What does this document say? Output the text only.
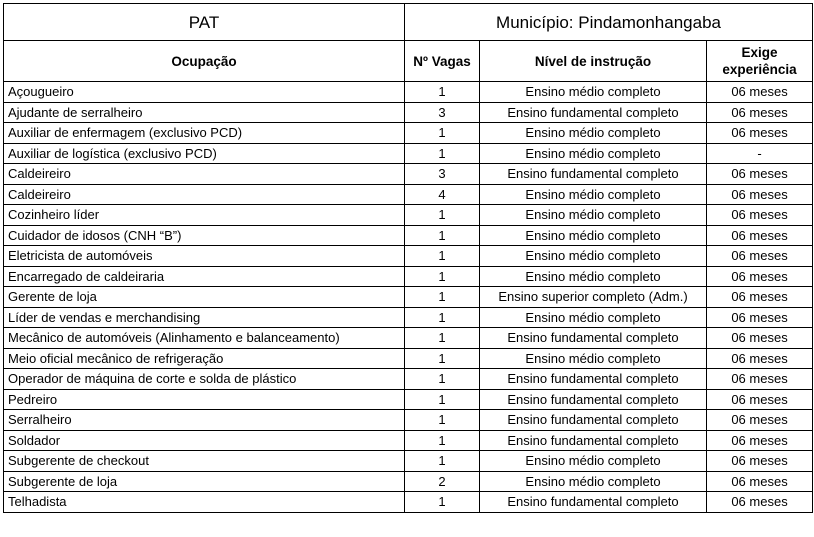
PAT	Município: Pindamonhangaba		
Ocupação	Nº Vagas	Nível de instrução	Exige experiência
Açougueiro	1	Ensino médio completo	06 meses
Ajudante de serralheiro	3	Ensino fundamental completo	06 meses
Auxiliar de enfermagem (exclusivo PCD)	1	Ensino médio completo	06 meses
Auxiliar de logística (exclusivo PCD)	1	Ensino médio completo	-
Caldeireiro	3	Ensino fundamental completo	06 meses
Caldeireiro	4	Ensino médio completo	06 meses
Cozinheiro líder	1	Ensino médio completo	06 meses
Cuidador de idosos (CNH “B”)	1	Ensino médio completo	06 meses
Eletricista de automóveis	1	Ensino médio completo	06 meses
Encarregado de caldeiraria	1	Ensino médio completo	06 meses
Gerente de loja	1	Ensino superior completo (Adm.)	06 meses
Líder de vendas e merchandising	1	Ensino médio completo	06 meses
Mecânico de automóveis (Alinhamento e balanceamento)	1	Ensino fundamental completo	06 meses
Meio oficial mecânico de refrigeração	1	Ensino médio completo	06 meses
Operador de máquina de corte e solda de plástico	1	Ensino fundamental completo	06 meses
Pedreiro	1	Ensino fundamental completo	06 meses
Serralheiro	1	Ensino fundamental completo	06 meses
Soldador	1	Ensino fundamental completo	06 meses
Subgerente de checkout	1	Ensino médio completo	06 meses
Subgerente de loja	2	Ensino médio completo	06 meses
Telhadista	1	Ensino fundamental completo	06 meses
